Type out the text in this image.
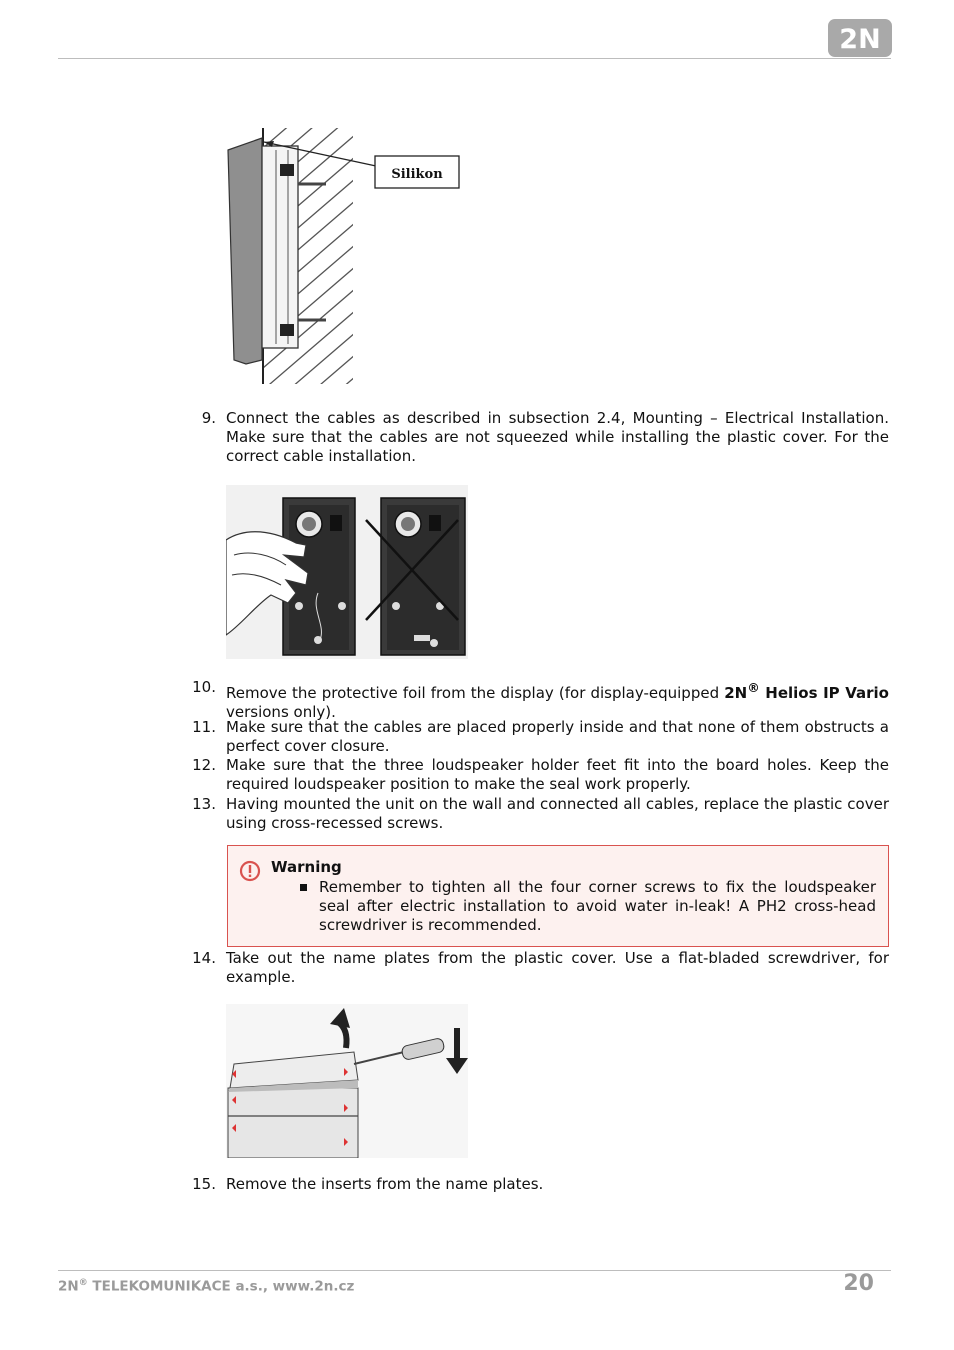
2N
Silikon
9. Connect the cables as described in subsection 2.4, Mounting – Electrical Installation. Make sure that the cables are not squeezed while installing the plastic cover. For the correct cable installation.
10. Remove the protective foil from the display (for display-equipped 2N® Helios IP Vario versions only).
11. Make sure that the cables are placed properly inside and that none of them obstructs a perfect cover closure.
12. Make sure that the three loudspeaker holder feet fit into the board holes. Keep the required loudspeaker position to make the seal work properly.
13. Having mounted the unit on the wall and connected all cables, replace the plastic cover using cross-recessed screws.
Warning
Remember to tighten all the four corner screws to fix the loudspeaker seal after electric installation to avoid water in-leak! A PH2 cross-head screwdriver is recommended.
14. Take out the name plates from the plastic cover. Use a flat-bladed screwdriver, for example.
15. Remove the inserts from the name plates.
2N® TELEKOMUNIKACE a.s., www.2n.cz	20
